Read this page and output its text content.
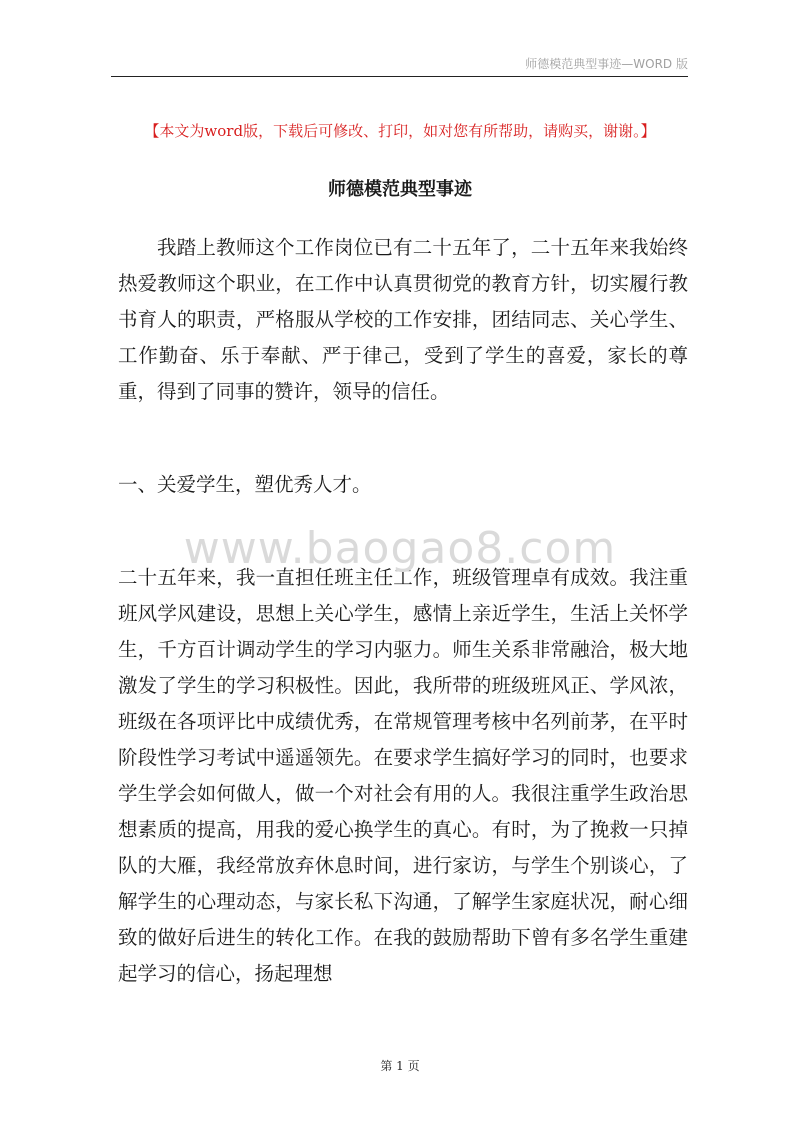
师德模范典型事迹—WORD 版
【本文为word版，下载后可修改、打印，如对您有所帮助，请购买，谢谢。】
师德模范典型事迹

我踏上教师这个工作岗位已有二十五年了，二十五年来我始终热爱教师这个职业，在工作中认真贯彻党的教育方针，切实履行教书育人的职责，严格服从学校的工作安排，团结同志、关心学生、工作勤奋、乐于奉献、严于律己，受到了学生的喜爱，家长的尊重，得到了同事的赞许，领导的信任。

一、关爱学生，塑优秀人才。

二十五年来，我一直担任班主任工作，班级管理卓有成效。我注重班风学风建设，思想上关心学生，感情上亲近学生，生活上关怀学生，千方百计调动学生的学习内驱力。师生关系非常融洽，极大地激发了学生的学习积极性。因此，我所带的班级班风正、学风浓，班级在各项评比中成绩优秀，在常规管理考核中名列前茅，在平时阶段性学习考试中遥遥领先。在要求学生搞好学习的同时，也要求学生学会如何做人，做一个对社会有用的人。我很注重学生政治思想素质的提高，用我的爱心换学生的真心。有时，为了挽救一只掉队的大雁，我经常放弃休息时间，进行家访，与学生个别谈心，了解学生的心理动态，与家长私下沟通，了解学生家庭状况，耐心细致的做好后进生的转化工作。在我的鼓励帮助下曾有多名学生重建起学习的信心，扬起理想

www.baogao8.com
第 1 页
